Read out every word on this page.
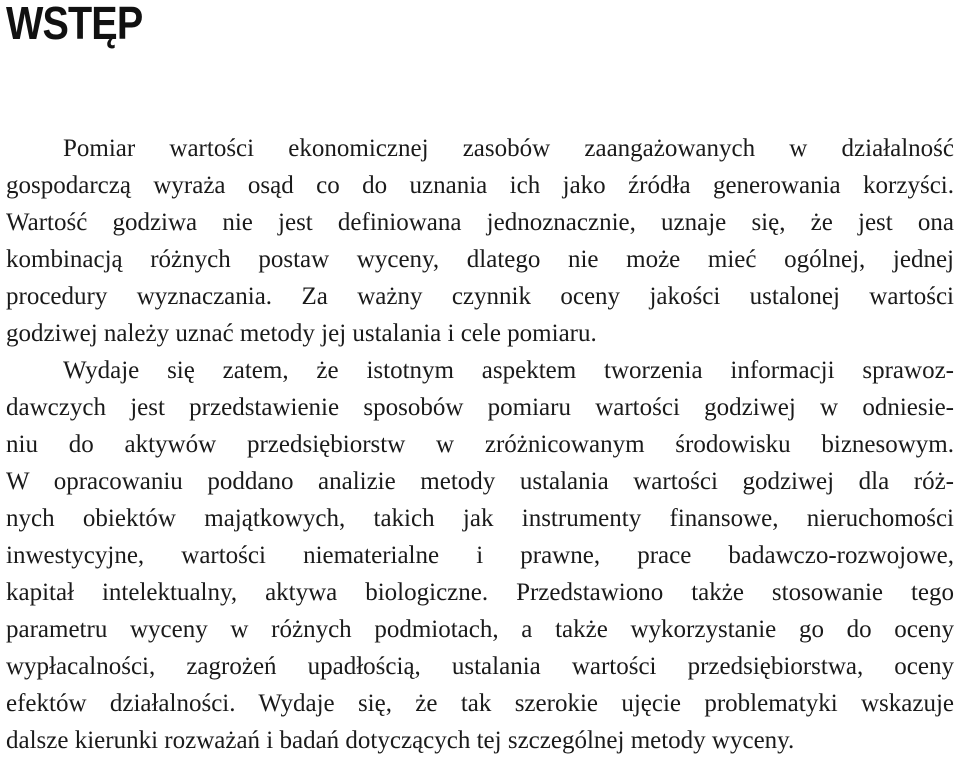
WSTĘP
Pomiar wartości ekonomicznej zasobów zaangażowanych w działalność
gospodarczą wyraża osąd co do uznania ich jako źródła generowania korzyści.
Wartość godziwa nie jest definiowana jednoznacznie, uznaje się, że jest ona
kombinacją różnych postaw wyceny, dlatego nie może mieć ogólnej, jednej
procedury wyznaczania. Za ważny czynnik oceny jakości ustalonej wartości
godziwej należy uznać metody jej ustalania i cele pomiaru.
Wydaje się zatem, że istotnym aspektem tworzenia informacji sprawoz-
dawczych jest przedstawienie sposobów pomiaru wartości godziwej w odniesie-
niu do aktywów przedsiębiorstw w zróżnicowanym środowisku biznesowym.
W opracowaniu poddano analizie metody ustalania wartości godziwej dla róż-
nych obiektów majątkowych, takich jak instrumenty finansowe, nieruchomości
inwestycyjne, wartości niematerialne i prawne, prace badawczo-rozwojowe,
kapitał intelektualny, aktywa biologiczne. Przedstawiono także stosowanie tego
parametru wyceny w różnych podmiotach, a także wykorzystanie go do oceny
wypłacalności, zagrożeń upadłością, ustalania wartości przedsiębiorstwa, oceny
efektów działalności. Wydaje się, że tak szerokie ujęcie problematyki wskazuje
dalsze kierunki rozważań i badań dotyczących tej szczególnej metody wyceny.
